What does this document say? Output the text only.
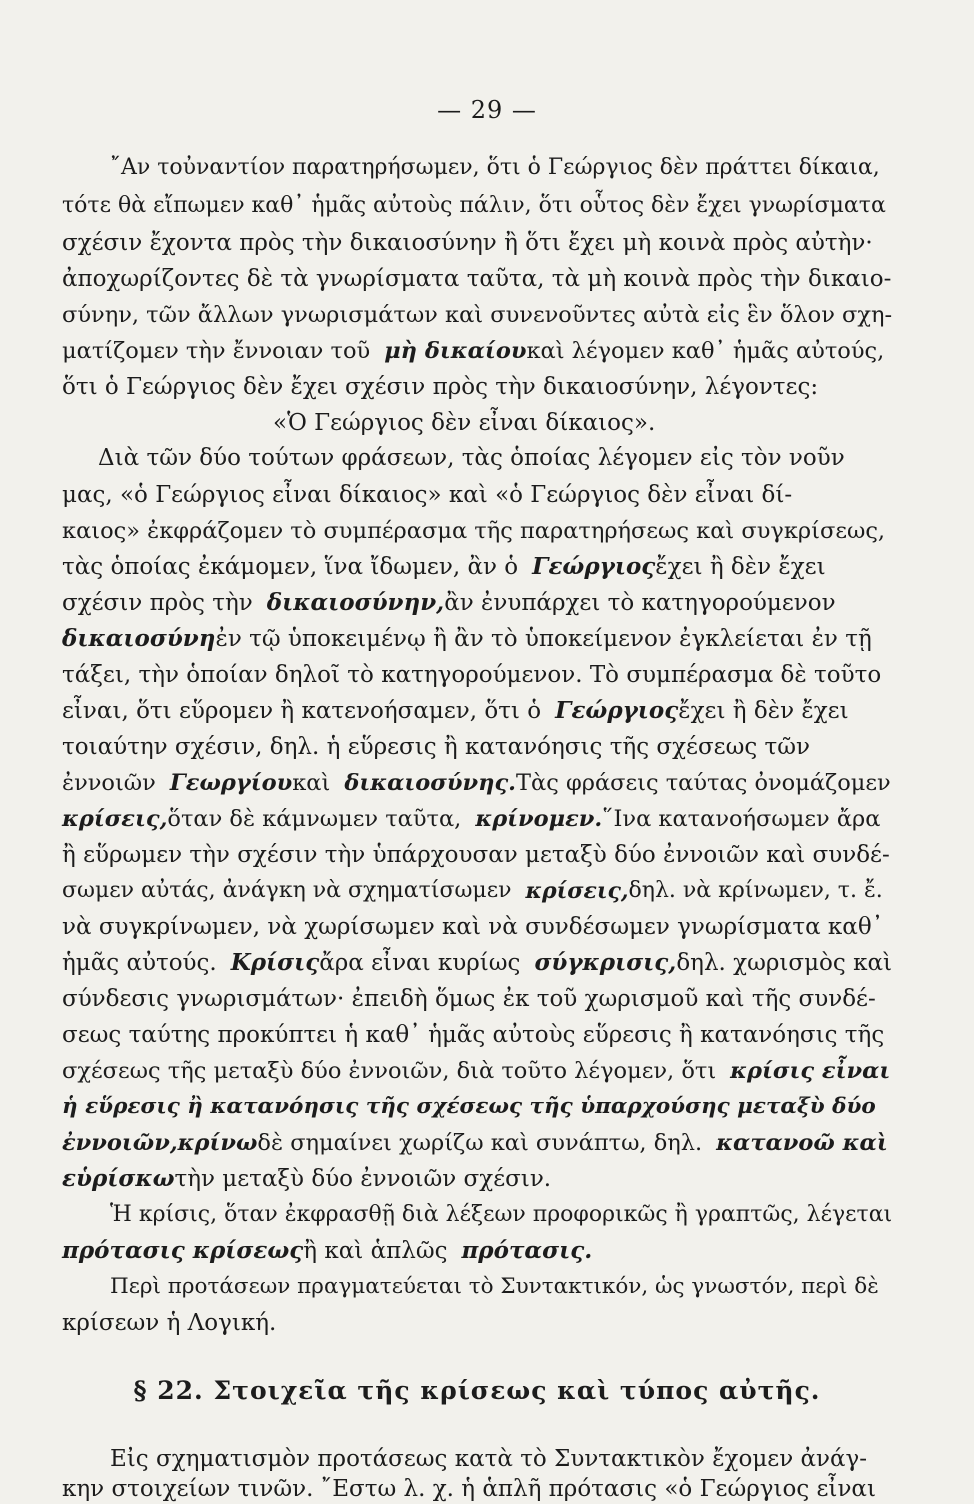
— 29 —
῎Αν τοὐναντίον παρατηρήσωμεν, ὅτι ὁ Γεώργιος δὲν πράττει δίκαια,
τότε θὰ εἴπωμεν καθ᾽ ἡμᾶς αὐτοὺς πάλιν, ὅτι οὗτος δὲν ἔχει γνωρίσματα
σχέσιν ἔχοντα πρὸς τὴν δικαιοσύνην ἢ ὅτι ἔχει μὴ κοινὰ πρὸς αὐτὴν·
ἀποχωρίζοντες δὲ τὰ γνωρίσματα ταῦτα, τὰ μὴ κοινὰ πρὸς τὴν δικαιο-
σύνην, τῶν ἄλλων γνωρισμάτων καὶ συνενοῦντες αὐτὰ εἰς ἓν ὅλον σχη-
ματίζομεν τὴν ἔννοιαν τοῦ μὴ δικαίου καὶ λέγομεν καθ᾽ ἡμᾶς αὐτούς,
ὅτι ὁ Γεώργιος δὲν ἔχει σχέσιν πρὸς τὴν δικαιοσύνην, λέγοντες:
«Ὁ Γεώργιος δὲν εἶναι δίκαιος».
Διὰ τῶν δύο τούτων φράσεων, τὰς ὁποίας λέγομεν εἰς τὸν νοῦν
μας, «ὁ Γεώργιος εἶναι δίκαιος» καὶ «ὁ Γεώργιος δὲν εἶναι δί-
καιος» ἐκφράζομεν τὸ συμπέρασμα τῆς παρατηρήσεως καὶ συγκρίσεως,
τὰς ὁποίας ἐκάμομεν, ἵνα ἴδωμεν, ἂν ὁ Γεώργιος ἔχει ἢ δὲν ἔχει
σχέσιν πρὸς τὴν δικαιοσύνην, ἂν ἐνυπάρχει τὸ κατηγορούμενον
δικαιοσύνη ἐν τῷ ὑποκειμένῳ ἢ ἂν τὸ ὑποκείμενον ἐγκλείεται ἐν τῇ
τάξει, τὴν ὁποίαν δηλοῖ τὸ κατηγορούμενον. Τὸ συμπέρασμα δὲ τοῦτο
εἶναι, ὅτι εὕρομεν ἢ κατενοήσαμεν, ὅτι ὁ Γεώργιος ἔχει ἢ δὲν ἔχει
τοιαύτην σχέσιν, δηλ. ἡ εὕρεσις ἢ κατανόησις τῆς σχέσεως τῶν
ἐννοιῶν Γεωργίου καὶ δικαιοσύνης. Τὰς φράσεις ταύτας ὀνομάζομεν
κρίσεις, ὅταν δὲ κάμνωμεν ταῦτα, κρίνομεν. ῞Ινα κατανοήσωμεν ἄρα
ἢ εὕρωμεν τὴν σχέσιν τὴν ὑπάρχουσαν μεταξὺ δύο ἐννοιῶν καὶ συνδέ-
σωμεν αὐτάς, ἀνάγκη νὰ σχηματίσωμεν κρίσεις, δηλ. νὰ κρίνωμεν, τ. ἔ.
νὰ συγκρίνωμεν, νὰ χωρίσωμεν καὶ νὰ συνδέσωμεν γνωρίσματα καθ᾽
ἡμᾶς αὐτούς. Κρίσις ἄρα εἶναι κυρίως σύγκρισις, δηλ. χωρισμὸς καὶ
σύνδεσις γνωρισμάτων· ἐπειδὴ ὅμως ἐκ τοῦ χωρισμοῦ καὶ τῆς συνδέ-
σεως ταύτης προκύπτει ἡ καθ᾽ ἡμᾶς αὐτοὺς εὕρεσις ἢ κατανόησις τῆς
σχέσεως τῆς μεταξὺ δύο ἐννοιῶν, διὰ τοῦτο λέγομεν, ὅτι κρίσις εἶναι
ἡ εὕρεσις ἢ κατανόησις τῆς σχέσεως τῆς ὑπαρχούσης μεταξὺ δύο
ἐννοιῶν, κρίνω δὲ σημαίνει χωρίζω καὶ συνάπτω, δηλ. κατανοῶ καὶ
εὑρίσκω τὴν μεταξὺ δύο ἐννοιῶν σχέσιν.
Ἡ κρίσις, ὅταν ἐκφρασθῇ διὰ λέξεων προφορικῶς ἢ γραπτῶς, λέγεται
πρότασις κρίσεως ἢ καὶ ἁπλῶς πρότασις.
Περὶ προτάσεων πραγματεύεται τὸ Συντακτικόν, ὡς γνωστόν, περὶ δὲ
κρίσεων ἡ Λογική.
§ 22. Στοιχεῖα τῆς κρίσεως καὶ τύπος αὐτῆς.
Εἰς σχηματισμὸν προτάσεως κατὰ τὸ Συντακτικὸν ἔχομεν ἀνάγ-
κην στοιχείων τινῶν. ῎Εστω λ. χ. ἡ ἁπλῆ πρότασις «ὁ Γεώργιος εἶναι
